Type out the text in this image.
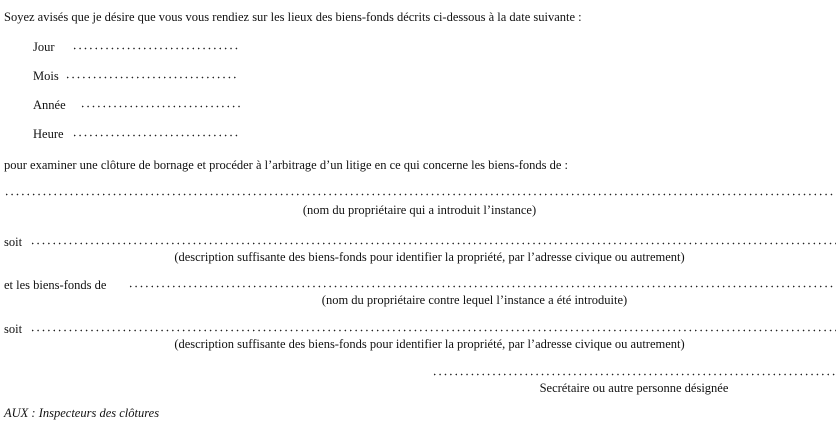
Soyez avisés que je désire que vous vous rendiez sur les lieux des biens-fonds décrits ci-dessous à la date suivante :
Jour
Mois
Année
Heure
pour examiner une clôture de bornage et procéder à l’arbitrage d’un litige en ce qui concerne les biens-fonds de :
(nom du propriétaire qui a introduit l’instance)
soit
(description suffisante des biens-fonds pour identifier la propriété, par l’adresse civique ou autrement)
et les biens-fonds de
(nom du propriétaire contre lequel l’instance a été introduite)
soit
(description suffisante des biens-fonds pour identifier la propriété, par l’adresse civique ou autrement)
Secrétaire ou autre personne désignée
AUX : Inspecteurs des clôtures
